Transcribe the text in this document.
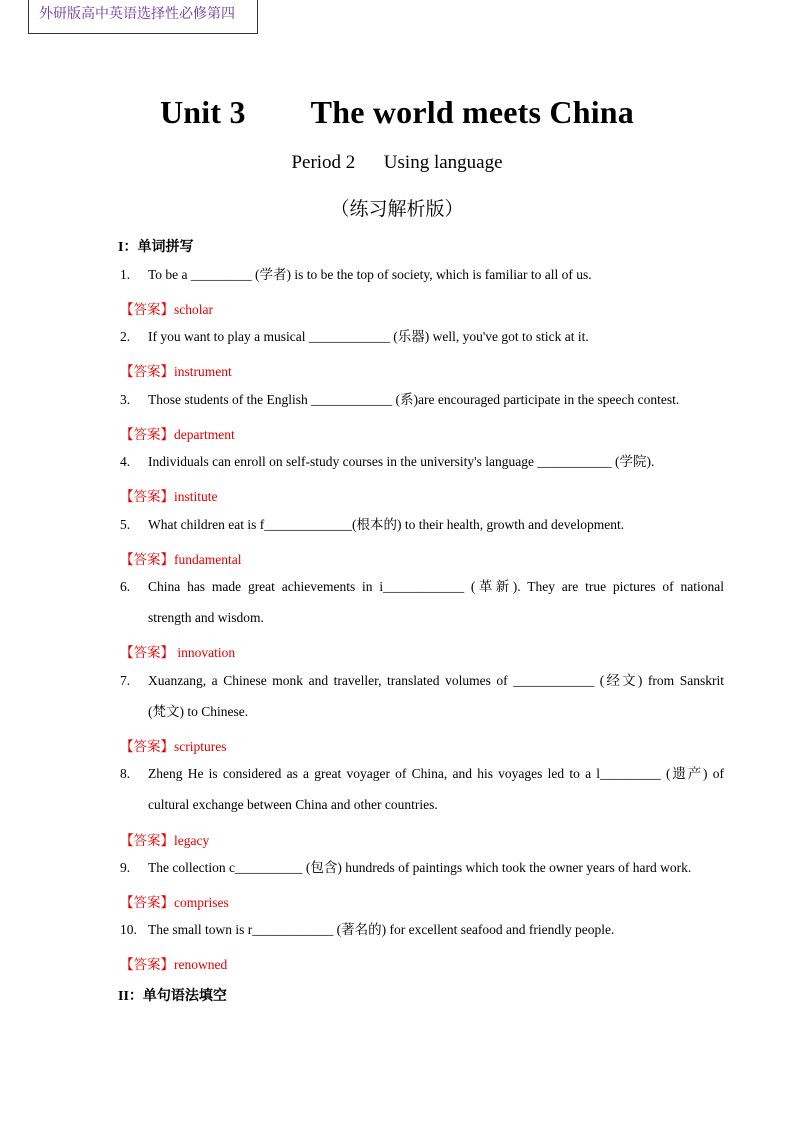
外研版高中英语选择性必修第四
Unit 3        The world meets China
Period 2      Using language
（练习解析版）
I：单词拼写
1. To be a _________ (学者) is to be the top of society, which is familiar to all of us.
【答案】scholar
2. If you want to play a musical ____________ (乐器) well, you've got to stick at it.
【答案】instrument
3. Those students of the English ____________ (系)are encouraged participate in the speech contest.
【答案】department
4. Individuals can enroll on self-study courses in the university's language ___________ (学院).
【答案】institute
5. What children eat is f_____________(根本的) to their health, growth and development.
【答案】fundamental
6.	China has made great achievements in i____________ (革新). They are true pictures of national
strength and wisdom.
【答案】 innovation
7.	Xuanzang, a Chinese monk and traveller, translated volumes of ____________ (经文) from Sanskrit
(梵文) to Chinese.
【答案】scriptures
8.	Zheng He is considered as a great voyager of China, and his voyages led to a l_________ (遗产) of
cultural exchange between China and other countries.
【答案】legacy
9. The collection c__________ (包含) hundreds of paintings which took the owner years of hard work.
【答案】comprises
10. The small town is r____________ (著名的) for excellent seafood and friendly people.
【答案】renowned
II：单句语法填空
